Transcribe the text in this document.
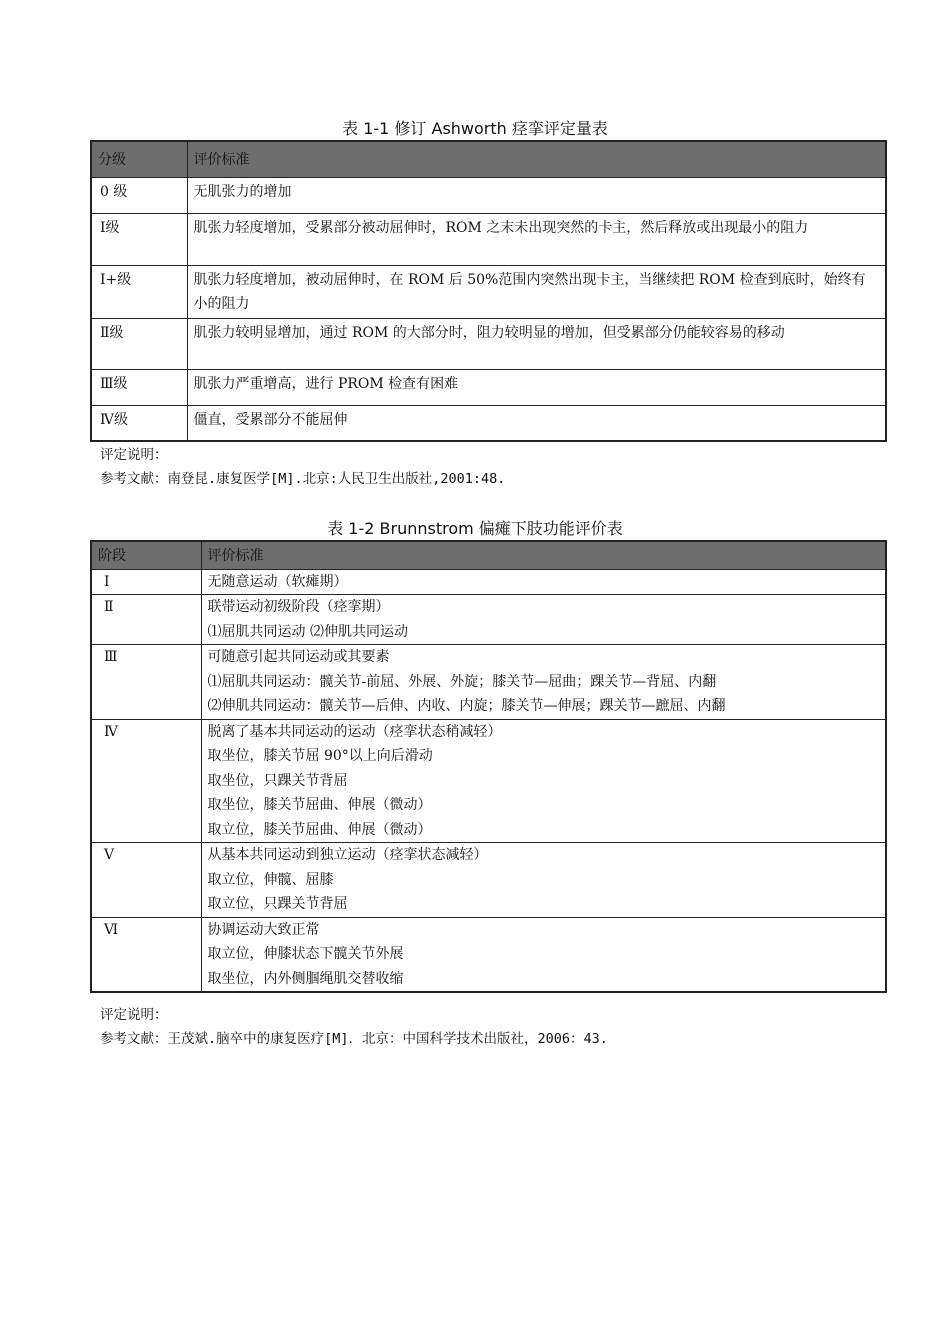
表 1-1 修订 Ashworth 痉挛评定量表
分级	评价标准
0 级	无肌张力的增加
Ⅰ级	肌张力轻度增加，受累部分被动屈伸时，ROM 之末未出现突然的卡主，然后释放或出现最小的阻力
Ⅰ+级	肌张力轻度增加，被动屈伸时，在 ROM 后 50%范围内突然出现卡主，当继续把 ROM 检查到底时，始终有小的阻力
Ⅱ级	肌张力较明显增加，通过 ROM 的大部分时，阻力较明显的增加，但受累部分仍能较容易的移动
Ⅲ级	肌张力严重增高，进行 PROM 检查有困难
Ⅳ级	僵直，受累部分不能屈伸
评定说明：
参考文献：南登昆.康复医学[M].北京:人民卫生出版社,2001:48.
表 1-2 Brunnstrom 偏瘫下肢功能评价表
阶段	评价标准
Ⅰ	无随意运动（软瘫期）

Ⅱ	联带运动初级阶段（痉挛期）
⑴屈肌共同运动 ⑵伸肌共同运动

Ⅲ	可随意引起共同运动或其要素
⑴屈肌共同运动：髋关节-前屈、外展、外旋；膝关节—屈曲；踝关节—背屈、内翻
⑵伸肌共同运动：髋关节—后伸、内收、内旋；膝关节—伸展；踝关节—蹠屈、内翻

Ⅳ	脱离了基本共同运动的运动（痉挛状态稍减轻）
取坐位，膝关节屈 90°以上向后滑动
取坐位，只踝关节背屈
取坐位，膝关节屈曲、伸展（微动）
取立位，膝关节屈曲、伸展（微动）

Ⅴ	从基本共同运动到独立运动（痉挛状态减轻）
取立位，伸髋、屈膝
取立位，只踝关节背屈

Ⅵ	协调运动大致正常
取立位，伸膝状态下髋关节外展
取坐位，内外侧腘绳肌交替收缩
评定说明：
参考文献：王茂斌.脑卒中的康复医疗[M]．北京：中国科学技术出版社，2006：43.
